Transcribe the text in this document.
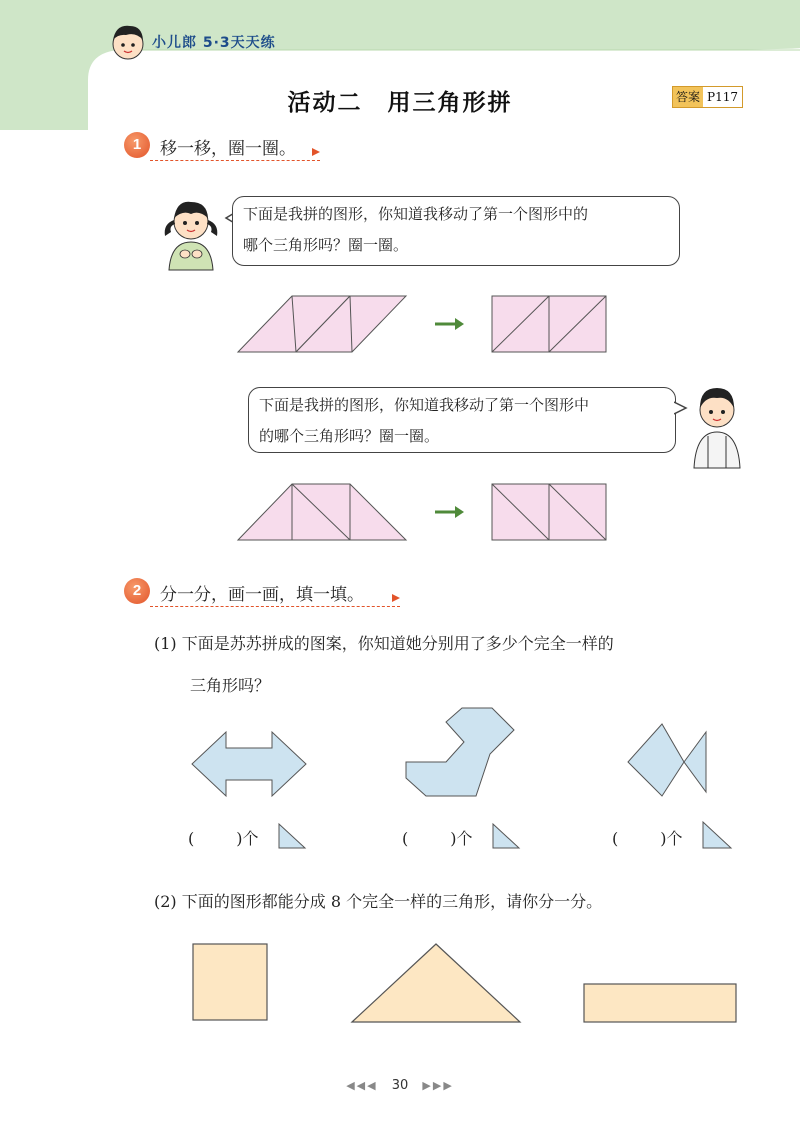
小儿郎 5·3天天练
活动二　用三角形拼	答案 P117
1	移一移，圈一圈。
下面是我拼的图形，你知道我移动了第一个图形中的
哪个三角形吗？圈一圈。
下面是我拼的图形，你知道我移动了第一个图形中
的哪个三角形吗？圈一圈。
2	分一分，画一画，填一填。
(1) 下面是苏苏拼成的图案，你知道她分别用了多少个完全一样的
三角形吗？
(	)个	(	)个	(	)个
(2) 下面的图形都能分成 8 个完全一样的三角形，请你分一分。
◀◀◀ 30 ▶▶▶
